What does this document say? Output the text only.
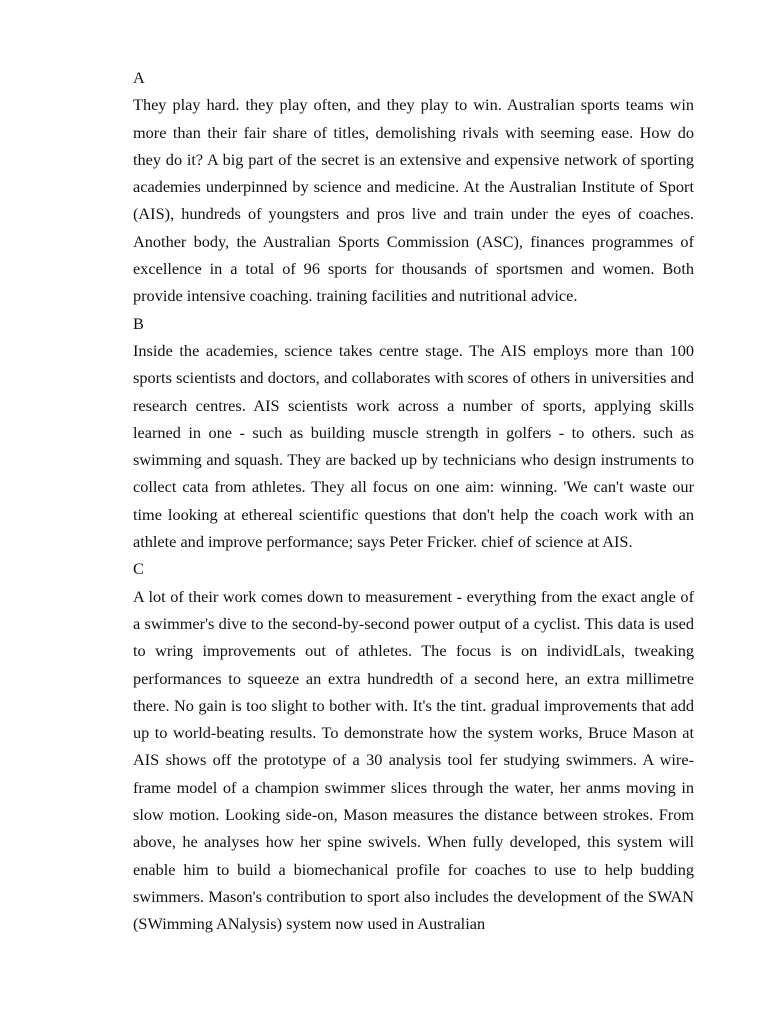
A

They play hard. they play often, and they play to win. Australian sports teams win more than their fair share of titles, demolishing rivals with seeming ease. How do they do it? A big part of the secret is an extensive and expensive network of sporting academies underpinned by science and medicine. At the Australian Institute of Sport (AIS), hundreds of youngsters and pros live and train under the eyes of coaches. Another body, the Australian Sports Commission (ASC), finances programmes of excellence in a total of 96 sports for thousands of sportsmen and women. Both provide intensive coaching. training facilities and nutritional advice.

B

Inside the academies, science takes centre stage. The AIS employs more than 100 sports scientists and doctors, and collaborates with scores of others in universities and research centres. AIS scientists work across a number of sports, applying skills learned in one - such as building muscle strength in golfers - to others. such as swimming and squash. They are backed up by technicians who design instruments to collect cata from athletes. They all focus on one aim: winning. 'We can't waste our time looking at ethereal scientific questions that don't help the coach work with an athlete and improve performance; says Peter Fricker. chief of science at AIS.

C

A lot of their work comes down to measurement - everything from the exact angle of a swimmer's dive to the second-by-second power output of a cyclist. This data is used to wring improvements out of athletes. The focus is on individLals, tweaking performances to squeeze an extra hundredth of a second here, an extra millimetre there. No gain is too slight to bother with. It's the tint. gradual improvements that add up to world-beating results. To demonstrate how the system works, Bruce Mason at AIS shows off the prototype of a 30 analysis tool fer studying swimmers. A wire-frame model of a champion swimmer slices through the water, her anms moving in slow motion. Looking side-on, Mason measures the distance between strokes. From above, he analyses how her spine swivels. When fully developed, this system will enable him to build a biomechanical profile for coaches to use to help budding swimmers. Mason's contribution to sport also includes the development of the SWAN (SWimming ANalysis) system now used in Australian
